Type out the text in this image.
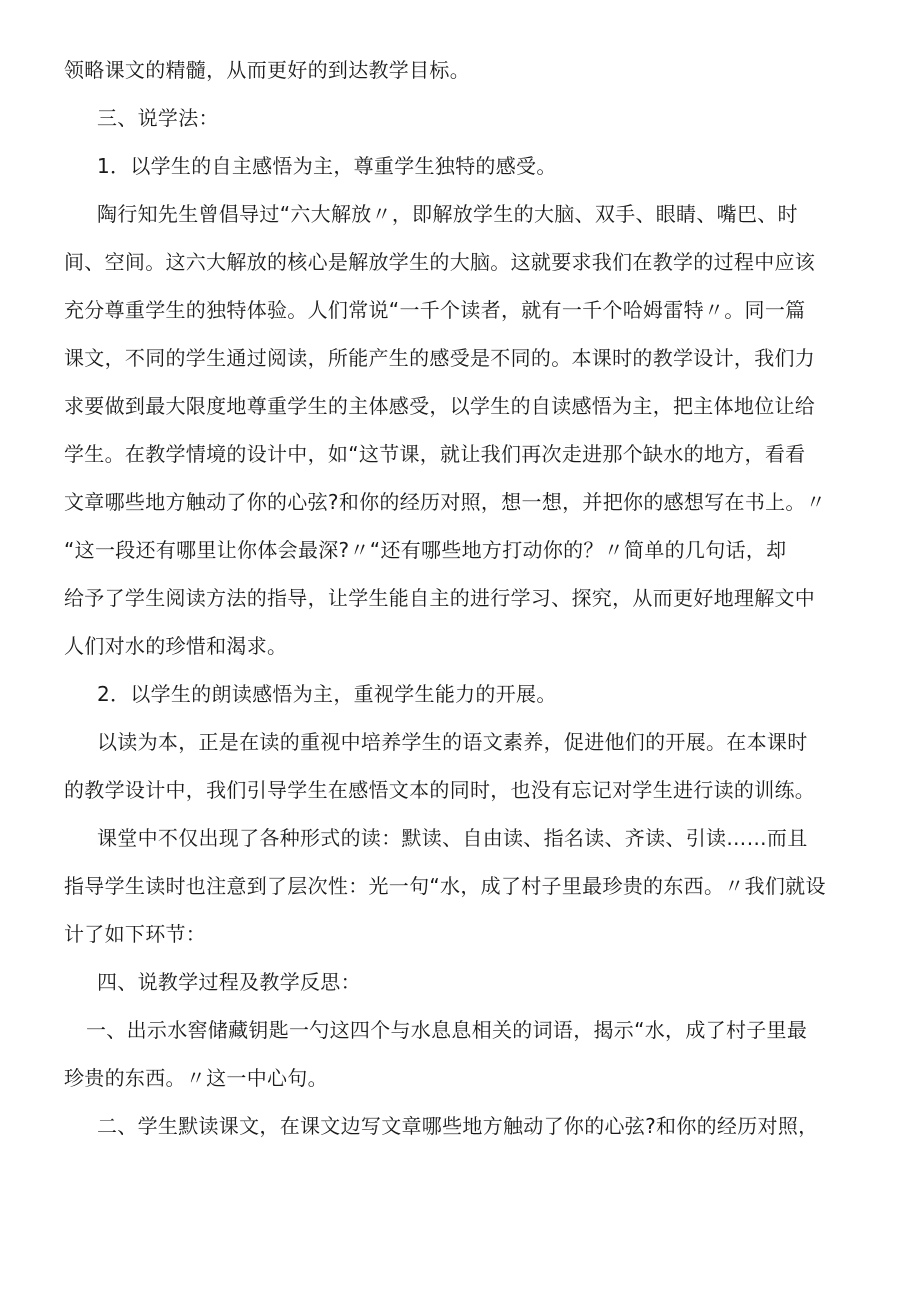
领略课文的精髓，从而更好的到达教学目标。

三、说学法：

1．以学生的自主感悟为主，尊重学生独特的感受。

陶行知先生曾倡导过“六大解放〃，即解放学生的大脑、双手、眼睛、嘴巴、时

间、空间。这六大解放的核心是解放学生的大脑。这就要求我们在教学的过程中应该

充分尊重学生的独特体验。人们常说“一千个读者，就有一千个哈姆雷特〃。同一篇

课文，不同的学生通过阅读，所能产生的感受是不同的。本课时的教学设计，我们力

求要做到最大限度地尊重学生的主体感受，以学生的自读感悟为主，把主体地位让给

学生。在教学情境的设计中，如“这节课，就让我们再次走进那个缺水的地方，看看

文章哪些地方触动了你的心弦?和你的经历对照，想一想，并把你的感想写在书上。〃

“这一段还有哪里让你体会最深?〃“还有哪些地方打动你的？〃简单的几句话，却

给予了学生阅读方法的指导，让学生能自主的进行学习、探究，从而更好地理解文中

人们对水的珍惜和渴求。

2．以学生的朗读感悟为主，重视学生能力的开展。

以读为本，正是在读的重视中培养学生的语文素养，促进他们的开展。在本课时

的教学设计中，我们引导学生在感悟文本的同时，也没有忘记对学生进行读的训练。

课堂中不仅出现了各种形式的读：默读、自由读、指名读、齐读、引读……而且

指导学生读时也注意到了层次性：光一句“水，成了村子里最珍贵的东西。〃我们就设

计了如下环节：

四、说教学过程及教学反思：

一、出示水窖储藏钥匙一勺这四个与水息息相关的词语，揭示“水，成了村子里最

珍贵的东西。〃这一中心句。

二、学生默读课文，在课文边写文章哪些地方触动了你的心弦?和你的经历对照，
